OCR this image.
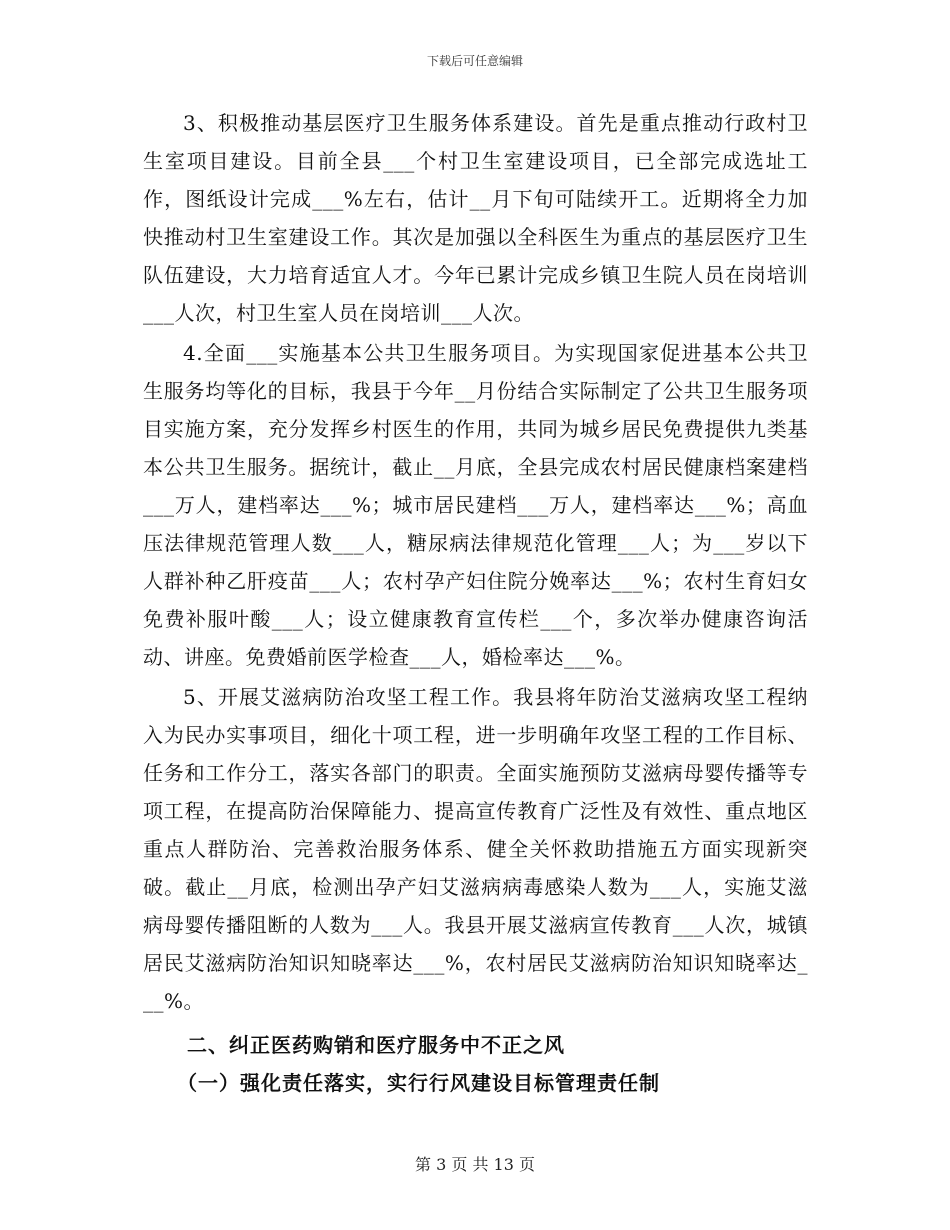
下载后可任意编辑

3、积极推动基层医疗卫生服务体系建设。首先是重点推动行政村卫生室项目建设。目前全县___个村卫生室建设项目，已全部完成选址工作，图纸设计完成___%左右，估计__月下旬可陆续开工。近期将全力加快推动村卫生室建设工作。其次是加强以全科医生为重点的基层医疗卫生队伍建设，大力培育适宜人才。今年已累计完成乡镇卫生院人员在岗培训___人次，村卫生室人员在岗培训___人次。

4.全面___实施基本公共卫生服务项目。为实现国家促进基本公共卫生服务均等化的目标，我县于今年__月份结合实际制定了公共卫生服务项目实施方案，充分发挥乡村医生的作用，共同为城乡居民免费提供九类基本公共卫生服务。据统计，截止__月底，全县完成农村居民健康档案建档___万人，建档率达___%；城市居民建档___万人，建档率达___%；高血压法律规范管理人数___人，糖尿病法律规范化管理___人；为___岁以下人群补种乙肝疫苗___人；农村孕产妇住院分娩率达___%；农村生育妇女免费补服叶酸___人；设立健康教育宣传栏___个，多次举办健康咨询活动、讲座。免费婚前医学检查___人，婚检率达___%。

5、开展艾滋病防治攻坚工程工作。我县将年防治艾滋病攻坚工程纳入为民办实事项目，细化十项工程，进一步明确年攻坚工程的工作目标、任务和工作分工，落实各部门的职责。全面实施预防艾滋病母婴传播等专项工程，在提高防治保障能力、提高宣传教育广泛性及有效性、重点地区重点人群防治、完善救治服务体系、健全关怀救助措施五方面实现新突破。截止__月底，检测出孕产妇艾滋病病毒感染人数为___人，实施艾滋病母婴传播阻断的人数为___人。我县开展艾滋病宣传教育___人次，城镇居民艾滋病防治知识知晓率达___%，农村居民艾滋病防治知识知晓率达___%。

二、纠正医药购销和医疗服务中不正之风
（一）强化责任落实，实行行风建设目标管理责任制
第 3 页 共 13 页
